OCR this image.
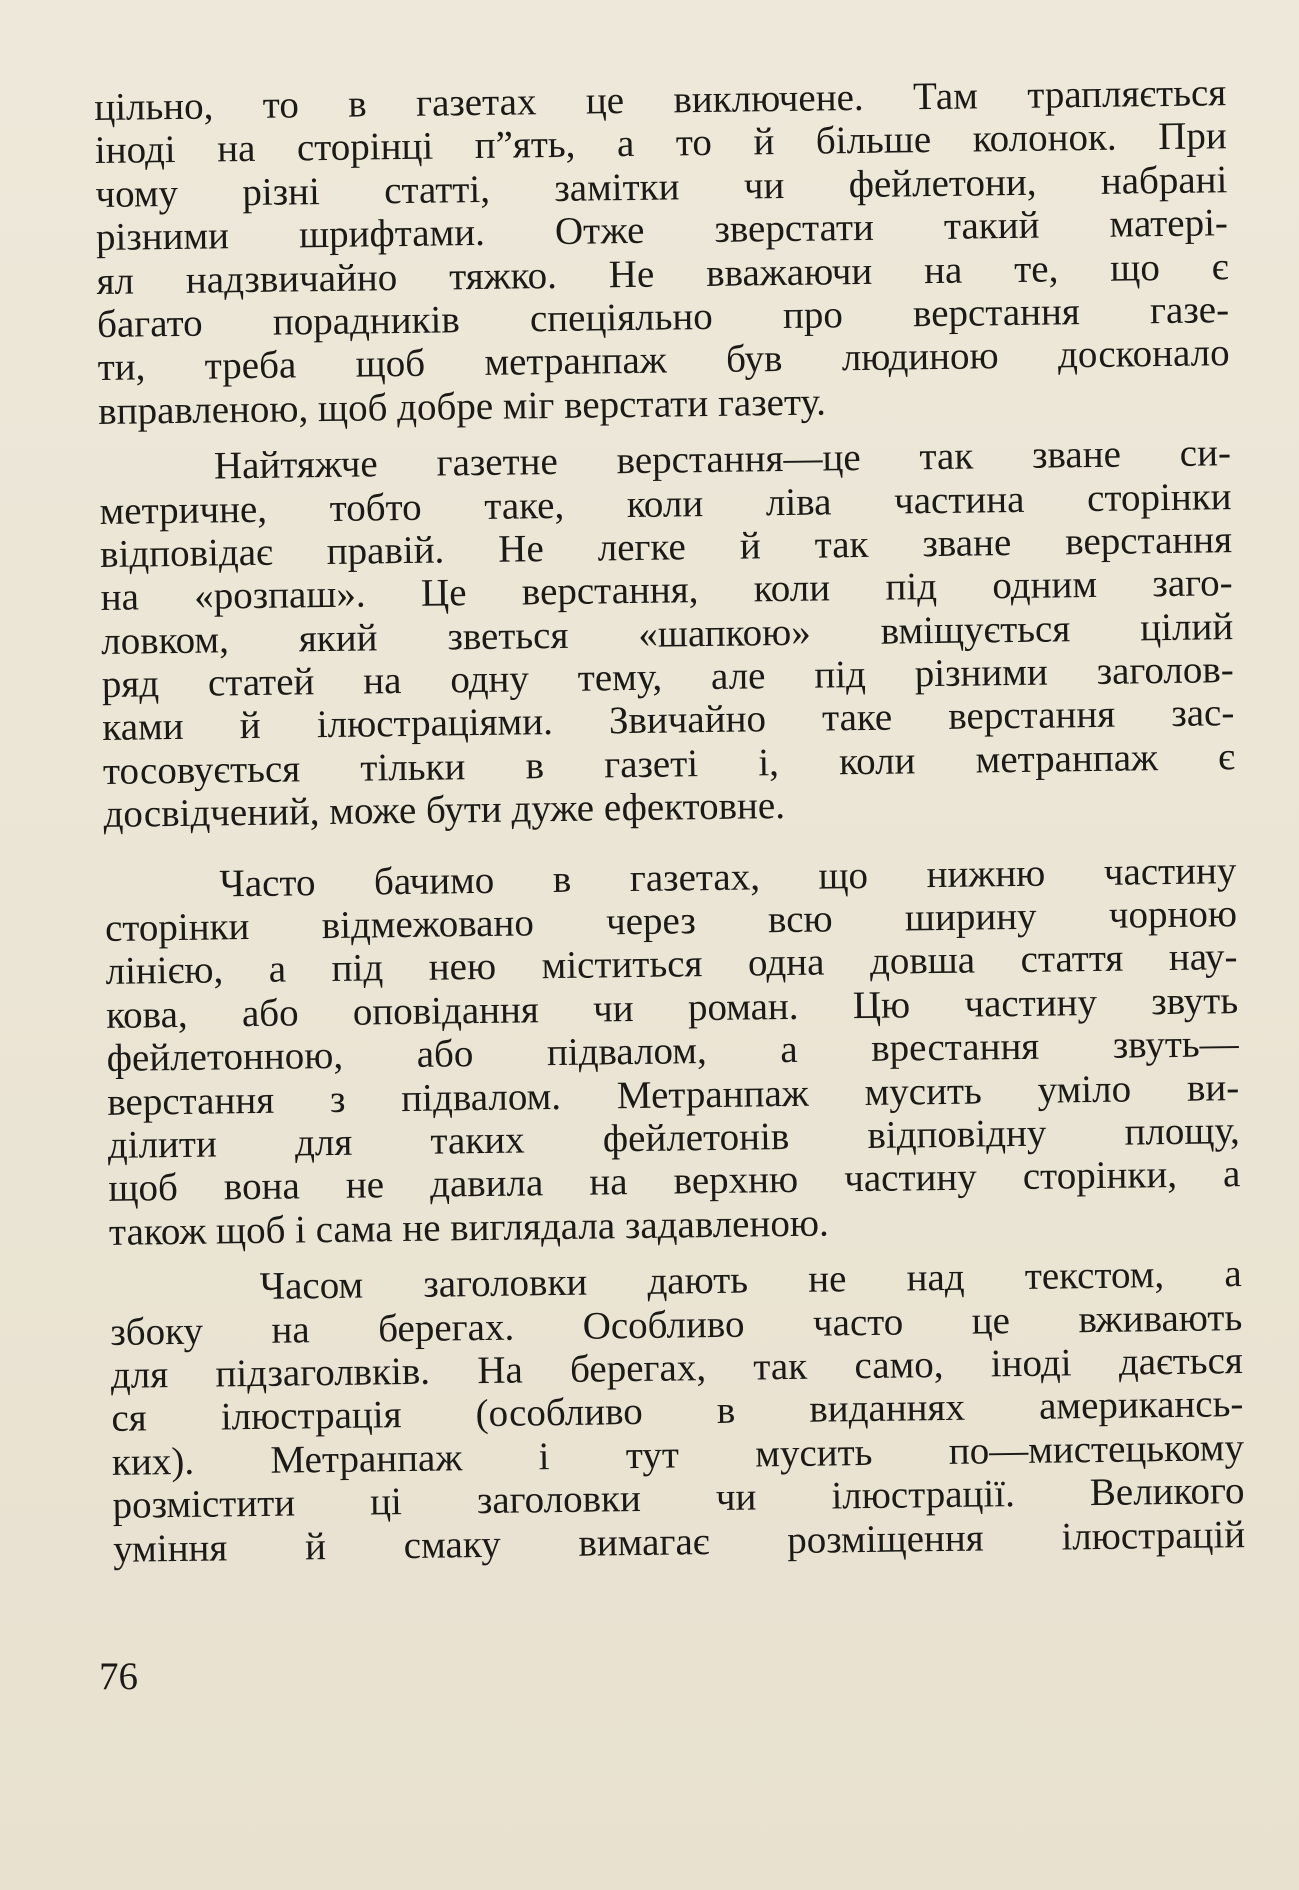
цільно, то в газетах це виключене. Там трапляється
іноді на сторінці п”ять, а то й більше колонок. При
чому різні статті, замітки чи фейлетони, набрані
різними шрифтами. Отже зверстати такий матері‑
ял надзвичайно тяжко. Не вважаючи на те, що є
багато порадників спеціяльно про верстання газе‑
ти, треба щоб метранпаж був людиною досконало
вправленою, щоб добре міг верстати газету.
Найтяжче газетне верстання—це так зване си‑
метричне, тобто таке, коли ліва частина сторінки
відповідає правій. Не легке й так зване верстання
на «розпаш». Це верстання, коли під одним заго‑
ловком, який зветься «шапкою» вміщується цілий
ряд статей на одну тему, але під різними заголов‑
ками й ілюстраціями. Звичайно таке верстання зас‑
тосовується тільки в газеті і, коли метранпаж є
досвідчений, може бути дуже ефектовне.
Часто бачимо в газетах, що нижню частину
сторінки відмежовано через всю ширину чорною
лінією, а під нею міститься одна довша стаття нау‑
кова, або оповідання чи роман. Цю частину звуть
фейлетонною, або підвалом, а врестання звуть—
верстання з підвалом. Метранпаж мусить уміло ви‑
ділити для таких фейлетонів відповідну площу,
щоб вона не давила на верхню частину сторінки, а
також щоб і сама не виглядала задавленою.
Часом заголовки дають не над текстом, а
збоку на берегах. Особливо часто це вживають
для підзаголвків. На берегах, так само, іноді дається
ся ілюстрація (особливо в виданнях американсь‑
ких). Метранпаж і тут мусить по—мистецькому
розмістити ці заголовки чи ілюстрації. Великого
уміння й смаку вимагає розміщення ілюстрацій
76
